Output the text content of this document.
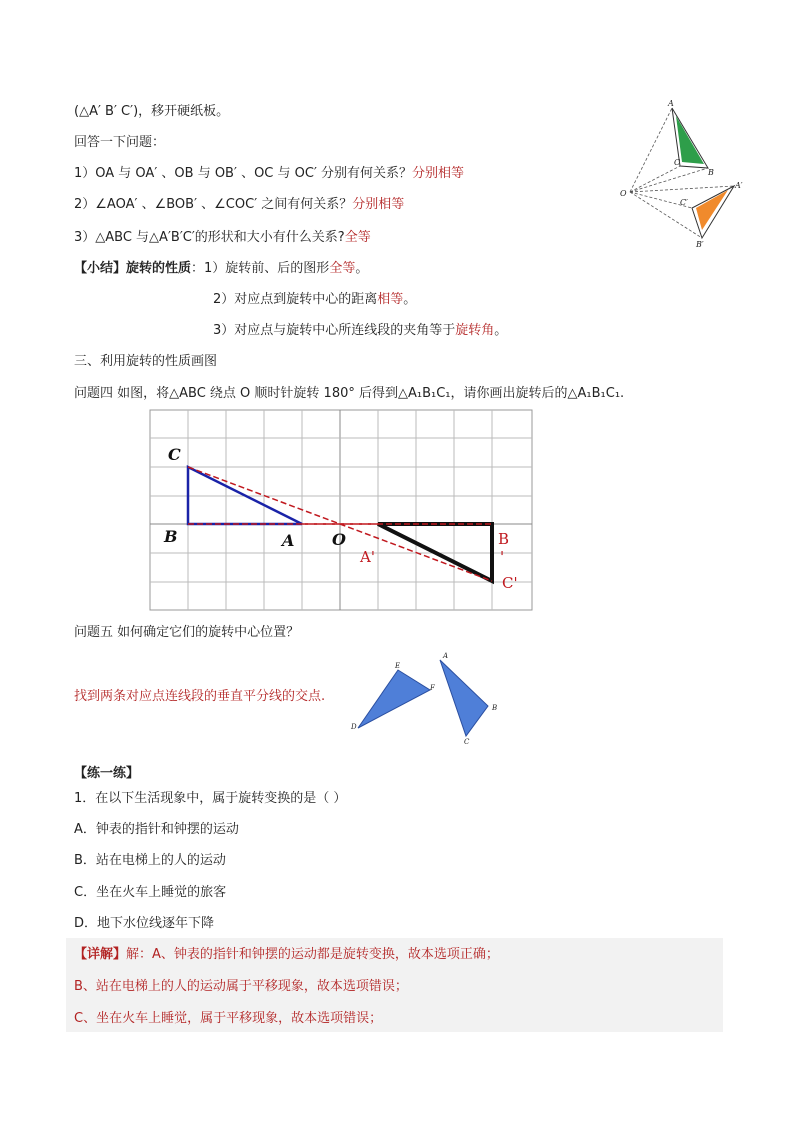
(△A′ B′ C′)，移开硬纸板。
回答一下问题：
1）OA 与 OA′ 、OB 与 OB′ 、OC 与 OC′ 分别有何关系？分别相等
2）∠AOA′ 、∠BOB′ 、∠COC′ 之间有何关系？分别相等
3）△ABC 与△A′B′C′的形状和大小有什么关系?全等
【小结】旋转的性质：1）旋转前、后的图形全等。
2）对应点到旋转中心的距离相等。
3）对应点与旋转中心所连线段的夹角等于旋转角。
三、利用旋转的性质画图
问题四 如图，将△ABC 绕点 O 顺时针旋转 180° 后得到△A₁B₁C₁，请你画出旋转后的△A₁B₁C₁.
A
C
B
O
A′
C′
B′
C
B	A O
A'
B
'
C'
问题五 如何确定它们的旋转中心位置？
找到两条对应点连线段的垂直平分线的交点.
E
F
D
A
B
C
【练一练】
1．在以下生活现象中，属于旋转变换的是（ ）
A．钟表的指针和钟摆的运动
B．站在电梯上的人的运动
C．坐在火车上睡觉的旅客
D．地下水位线逐年下降
【详解】解：A、钟表的指针和钟摆的运动都是旋转变换，故本选项正确；
B、站在电梯上的人的运动属于平移现象，故本选项错误；
C、坐在火车上睡觉，属于平移现象，故本选项错误；
